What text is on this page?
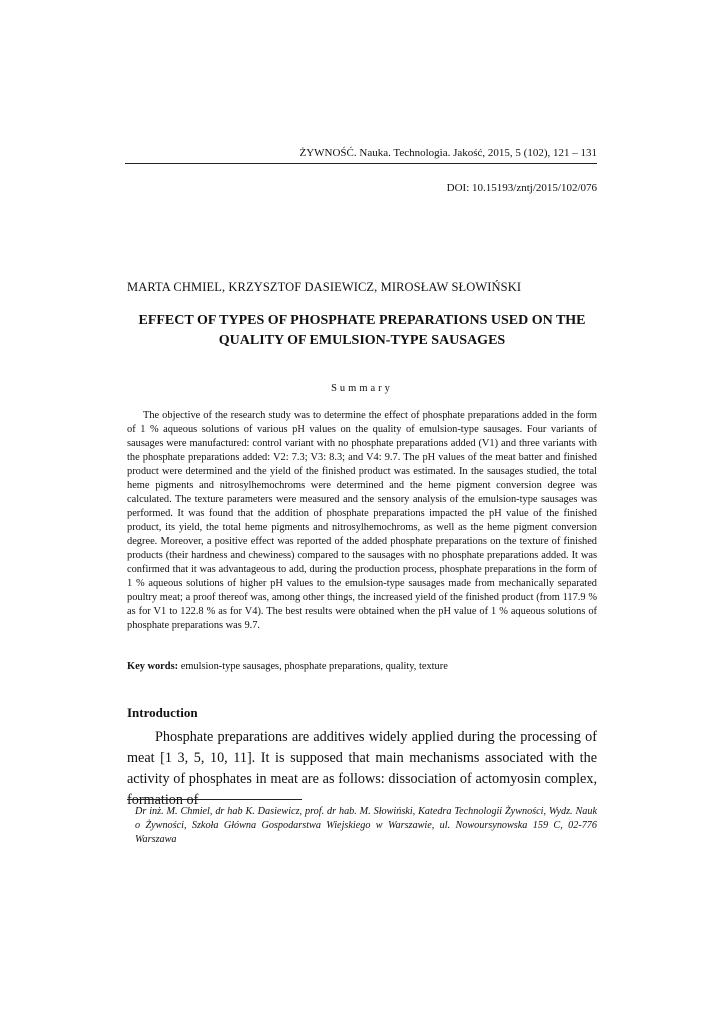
ŻYWNOŚĆ. Nauka. Technologia. Jakość, 2015, 5 (102), 121 – 131
DOI: 10.15193/zntj/2015/102/076
MARTA CHMIEL, KRZYSZTOF DASIEWICZ, MIROSŁAW SŁOWIŃSKI
EFFECT OF TYPES OF PHOSPHATE PREPARATIONS USED ON THE QUALITY OF EMULSION-TYPE SAUSAGES
Summary

The objective of the research study was to determine the effect of phosphate preparations added in the form of 1 % aqueous solutions of various pH values on the quality of emulsion-type sausages. Four variants of sausages were manufactured: control variant with no phosphate preparations added (V1) and three variants with the phosphate preparations added: V2: 7.3; V3: 8.3; and V4: 9.7. The pH values of the meat batter and finished product were determined and the yield of the finished product was estimated. In the sausages studied, the total heme pigments and nitrosylhemochroms were determined and the heme pigment conversion degree was calculated. The texture parameters were measured and the sensory analysis of the emulsion-type sausages was performed. It was found that the addition of phosphate preparations impacted the pH value of the finished product, its yield, the total heme pigments and nitrosylhemochroms, as well as the heme pigment conversion degree. Moreover, a positive effect was reported of the added phosphate preparations on the texture of finished products (their hardness and chewiness) compared to the sausages with no phosphate preparations added. It was confirmed that it was advantageous to add, during the production process, phosphate preparations in the form of 1 % aqueous solutions of higher pH values to the emulsion-type sausages made from mechanically separated poultry meat; a proof thereof was, among other things, the increased yield of the finished product (from 117.9 % as for V1 to 122.8 % as for V4). The best results were obtained when the pH value of 1 % aqueous solutions of phosphate preparations was 9.7.

Key words: emulsion-type sausages, phosphate preparations, quality, texture

Introduction

Phosphate preparations are additives widely applied during the processing of meat [1 3, 5, 10, 11]. It is supposed that main mechanisms associated with the activity of phosphates in meat are as follows: dissociation of actomyosin complex, formation of

Dr inż. M. Chmiel, dr hab K. Dasiewicz, prof. dr hab. M. Słowiński, Katedra Technologii Żywności, Wydz. Nauk o Żywności, Szkoła Główna Gospodarstwa Wiejskiego w Warszawie, ul. Nowoursynowska 159 C, 02-776 Warszawa
